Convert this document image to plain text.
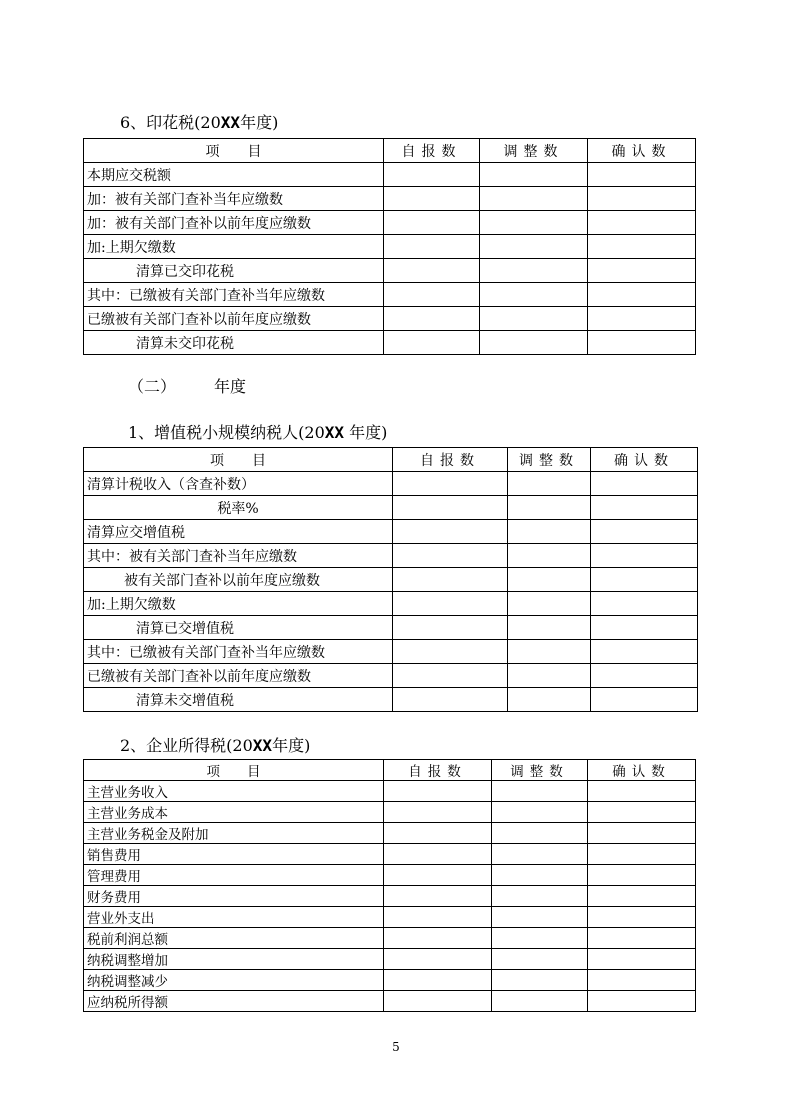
6、印花税(20XX年度)
项　　目	自报数	调整数	确认数
本期应交税额			
加：被有关部门查补当年应缴数			
加：被有关部门查补以前年度应缴数			
加:上期欠缴数			
清算已交印花税			
其中：已缴被有关部门查补当年应缴数			
已缴被有关部门查补以前年度应缴数			
清算未交印花税			
（二） 年度
1、增值税小规模纳税人(20XX 年度)
项　　目	自报数	调整数	确认数
清算计税收入（含查补数）			
税率%			
清算应交增值税			
其中：被有关部门查补当年应缴数			
被有关部门查补以前年度应缴数			
加:上期欠缴数			
清算已交增值税			
其中：已缴被有关部门查补当年应缴数			
已缴被有关部门查补以前年度应缴数			
清算未交增值税			
2、企业所得税(20XX年度)
项　　目	自报数	调整数	确认数
主营业务收入			
主营业务成本			
主营业务税金及附加			
销售费用			
管理费用			
财务费用			
营业外支出			
税前利润总额			
纳税调整增加			
纳税调整减少			
应纳税所得额			
5
